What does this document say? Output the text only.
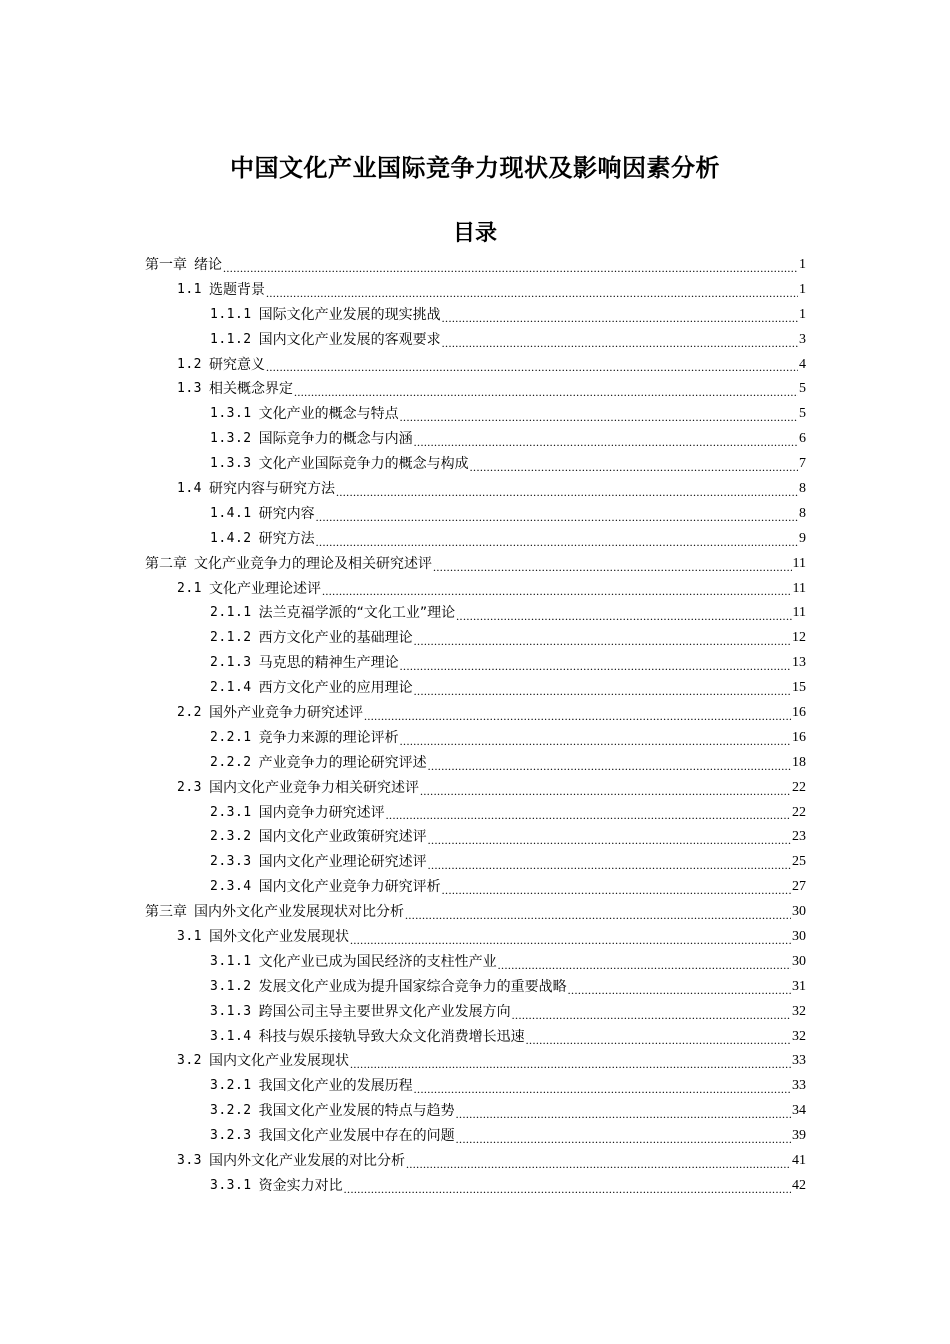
中国文化产业国际竞争力现状及影响因素分析
目录
第一章 绪论 .....	1
1.1 选题背景 .....	1
1.1.1 国际文化产业发展的现实挑战 .....	1
1.1.2 国内文化产业发展的客观要求 .....	3
1.2 研究意义 .....	4
1.3 相关概念界定 .....	5
1.3.1 文化产业的概念与特点 .....	5
1.3.2 国际竞争力的概念与内涵 .....	6
1.3.3 文化产业国际竞争力的概念与构成 .....	7
1.4 研究内容与研究方法 .....	8
1.4.1 研究内容 .....	8
1.4.2 研究方法 .....	9
第二章 文化产业竞争力的理论及相关研究述评 .....	11
2.1 文化产业理论述评 .....	11
2.1.1 法兰克福学派的“文化工业”理论 .....	11
2.1.2 西方文化产业的基础理论 .....	12
2.1.3 马克思的精神生产理论 .....	13
2.1.4 西方文化产业的应用理论 .....	15
2.2 国外产业竞争力研究述评 .....	16
2.2.1 竞争力来源的理论评析 .....	16
2.2.2 产业竞争力的理论研究评述 .....	18
2.3 国内文化产业竞争力相关研究述评 .....	22
2.3.1 国内竞争力研究述评 .....	22
2.3.2 国内文化产业政策研究述评 .....	23
2.3.3 国内文化产业理论研究述评 .....	25
2.3.4 国内文化产业竞争力研究评析 .....	27
第三章 国内外文化产业发展现状对比分析 .....	30
3.1 国外文化产业发展现状 .....	30
3.1.1 文化产业已成为国民经济的支柱性产业 .....	30
3.1.2 发展文化产业成为提升国家综合竞争力的重要战略 .....	31
3.1.3 跨国公司主导主要世界文化产业发展方向 .....	32
3.1.4 科技与娱乐接轨导致大众文化消费增长迅速 .....	32
3.2 国内文化产业发展现状 .....	33
3.2.1 我国文化产业的发展历程 .....	33
3.2.2 我国文化产业发展的特点与趋势 .....	34
3.2.3 我国文化产业发展中存在的问题 .....	39
3.3 国内外文化产业发展的对比分析 .....	41
3.3.1 资金实力对比 .....	42
